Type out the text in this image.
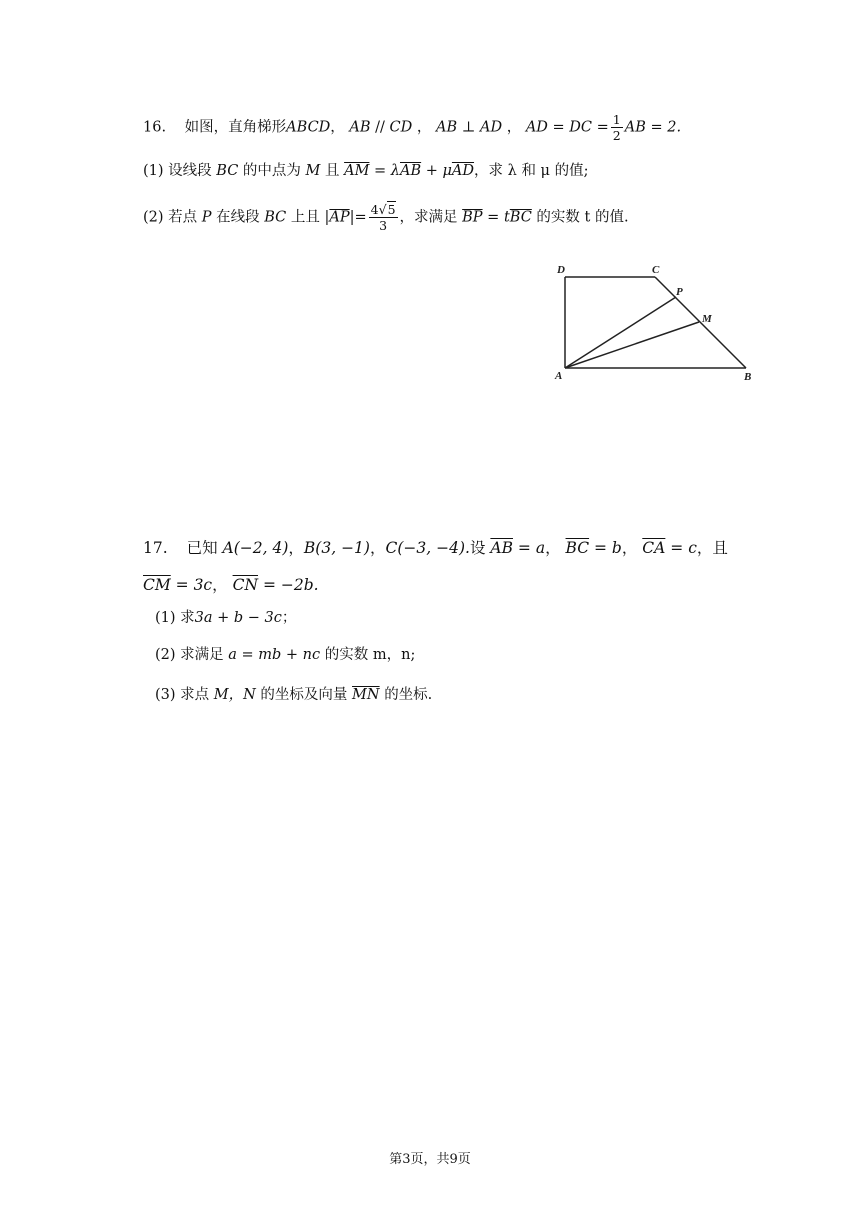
16. 如图，直角梯形ABCD， AB // CD ， AB ⊥ AD ， AD = DC = $\frac{1}{2}$ AB = 2.
(1) 设线段 BC 的中点为 M 且 $\overline{AM} = \lambda\overline{AB} + \mu\overline{AD}$，求 λ 和 μ 的值;
(2) 若点 P 在线段 BC 上且 $|\overline{AP}|= \frac{4√5}{3}$ ，求满足 $\overline{BP} = t\overline{BC}$ 的实数 t 的值.
D	C
P
M
A	B
17. 已知 A(−2, 4)，B(3, −1)，C(−3, −4).设 $\overline{AB} = a$， $\overline{BC} = b$， $\overline{CA} = c$，且
$\overline{CM} = 3c$， $\overline{CN} = -2b$.
(1) 求3a + b − 3c；
(2) 求满足 a = mb + nc 的实数 m，n;
(3) 求点 M，N 的坐标及向量 $\overline{MN}$ 的坐标.
第3页，共9页
